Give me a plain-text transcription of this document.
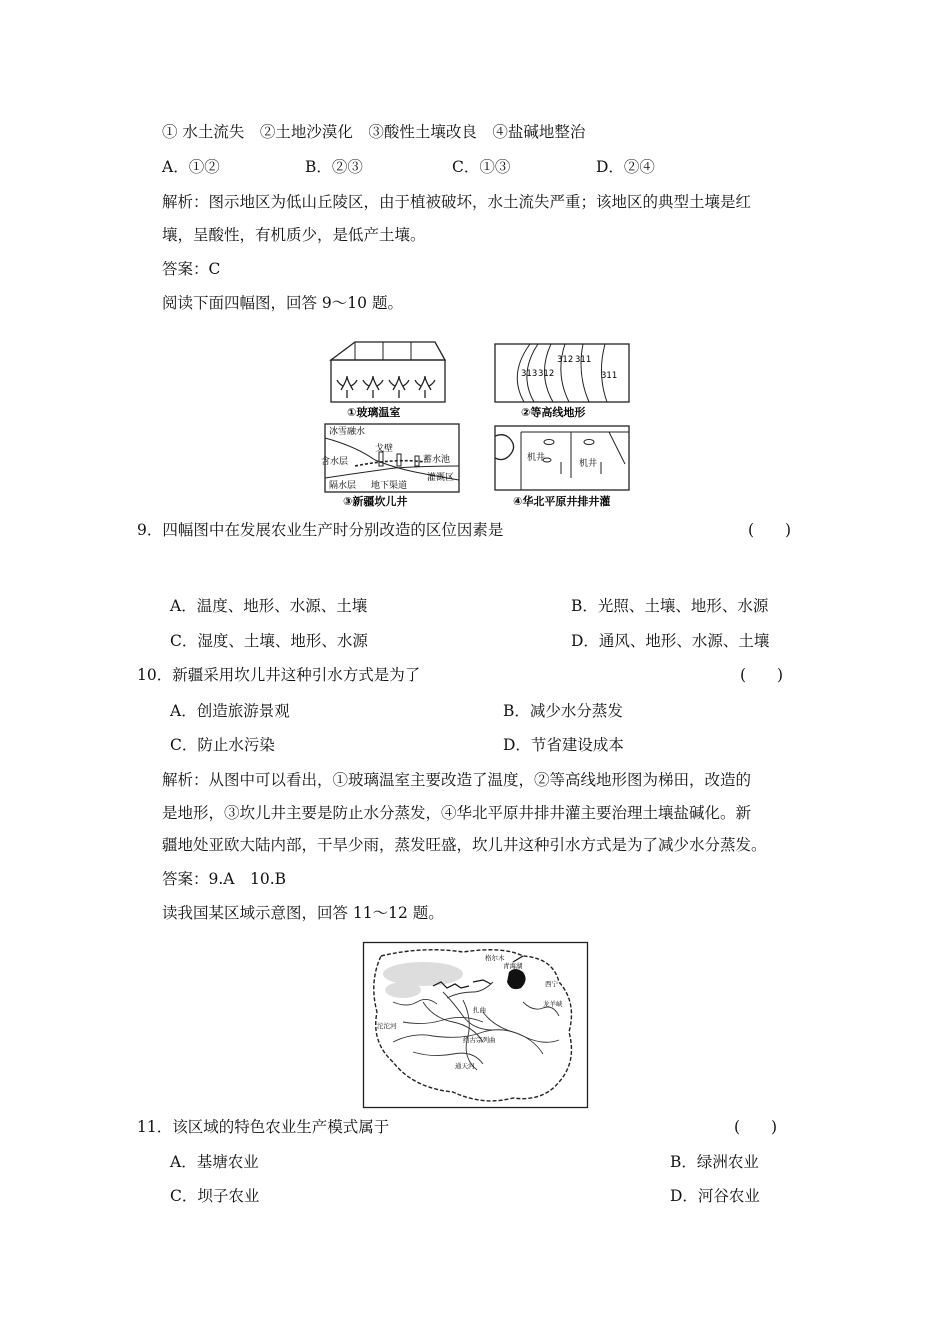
① 水土流失　②土地沙漠化　③酸性土壤改良　④盐碱地整治
A．①②	B．②③	C．①③	D．②④
解析：图示地区为低山丘陵区，由于植被破坏，水土流失严重；该地区的典型土壤是红
壤，呈酸性，有机质少，是低产土壤。
答案：C
阅读下面四幅图，回答 9～10 题。
①玻璃温室
313 312
312 311
311
②等高线地形
冰雪融水
含水层
戈壁
蓄水池
灌溉区
隔水层 地下渠道
③新疆坎儿井
机井
机井
④华北平原井排井灌
9．四幅图中在发展农业生产时分别改造的区位因素是	(　　)
A．温度、地形、水源、土壤	B．光照、土壤、地形、水源
C．湿度、土壤、地形、水源	D．通风、地形、水源、土壤
10．新疆采用坎儿井这种引水方式是为了	(　　)
A．创造旅游景观	B．减少水分蒸发
C．防止水污染	D．节省建设成本
解析：从图中可以看出，①玻璃温室主要改造了温度，②等高线地形图为梯田，改造的
是地形，③坎儿井主要是防止水分蒸发，④华北平原井排井灌主要治理土壤盐碱化。新
疆地处亚欧大陆内部，干旱少雨，蒸发旺盛，坎儿井这种引水方式是为了减少水分蒸发。
答案：9.A　10.B
读我国某区域示意图，回答 11～12 题。
格尔木
青海湖
西宁
龙羊峡
扎曲
沱沱河
约古宗列曲
通天河
11．该区域的特色农业生产模式属于	(　　)
A．基塘农业	B．绿洲农业
C．坝子农业	D．河谷农业
